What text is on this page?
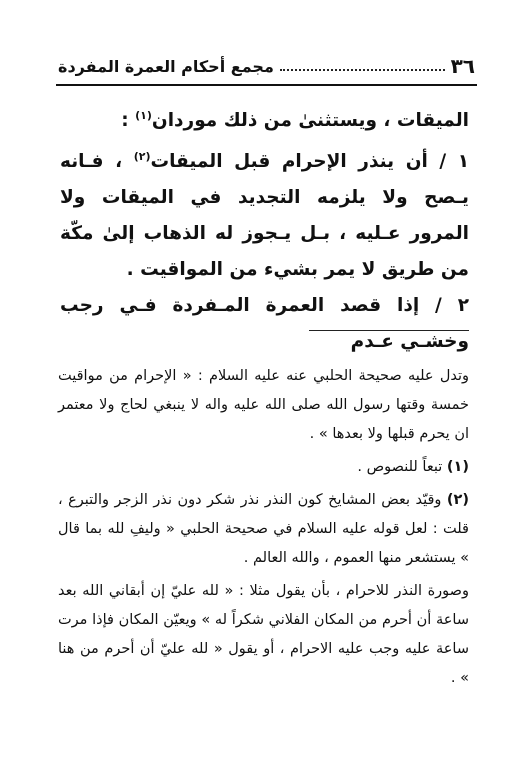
٣٦
مجمع أحكام العمرة المفردة

الميقات ، ويستثنىٰ من ذلك موردان$^{(١)}$ :

١ / أن ينذر الإحرام قبل الميقات$^{(٢)}$ ، فـانه يـصح ولا يلزمه التجديد في الميقات ولا المرور عـليه ، بـل يـجوز له الذهاب إلىٰ مكّة من طريق لا يمر بشيء من المواقيت .

٢ / إذا قصد العمرة المـفردة فـي رجب وخشـي عـدم

وتدل عليه صحيحة الحلبي عنه عليه السلام : « الإحرام من مواقيت خمسة وقتها رسول الله صلى الله عليه واله لا ينبغي لحاج ولا معتمر ان يحرم قبلها ولا بعدها » .

(١) تبعاً للنصوص .

(٢) وقيّد بعض المشايخ كون النذر نذر شكر دون نذر الزجر والتبرع ، قلت : لعل قوله عليه السلام في صحيحة الحلبي « وليفِ لله بما قال » يستشعر منها العموم ، والله العالم .

وصورة النذر للاحرام ، بأن يقول مثلا : « لله عليّ إن أبقاني الله بعد ساعة أن أحرم من المكان الفلاني شكراً له » ويعيّن المكان فإذا مرت ساعة عليه وجب عليه الاحرام ، أو يقول « لله عليّ أن أحرم من هنا » .
